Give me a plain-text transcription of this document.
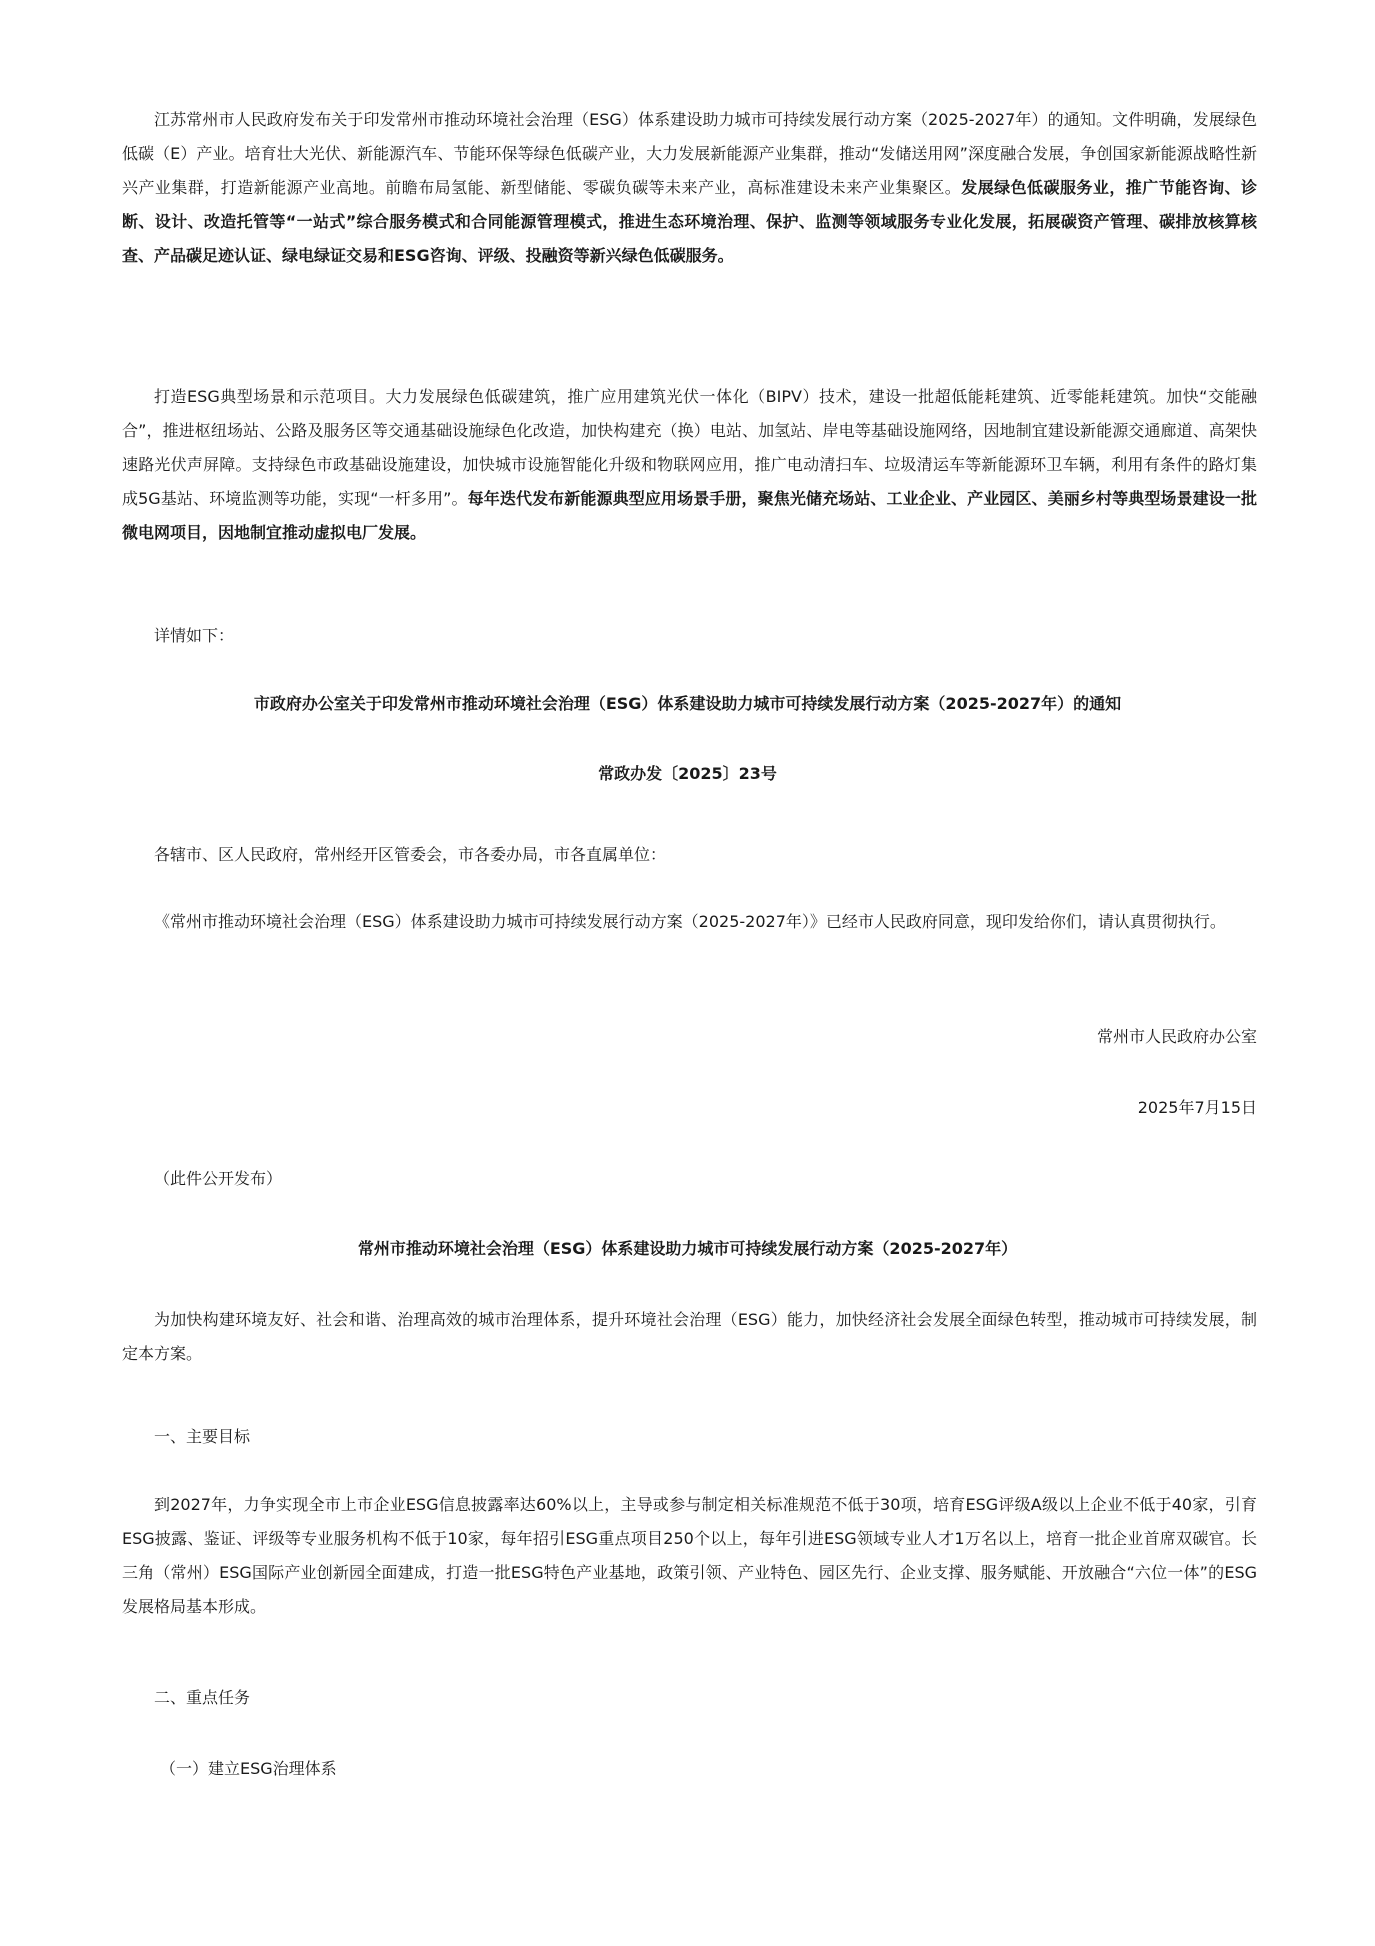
江苏常州市人民政府发布关于印发常州市推动环境社会治理（ESG）体系建设助力城市可持续发展行动方案（2025-2027年）的通知。文件明确，发展绿色低碳（E）产业。培育壮大光伏、新能源汽车、节能环保等绿色低碳产业，大力发展新能源产业集群，推动“发储送用网”深度融合发展，争创国家新能源战略性新兴产业集群，打造新能源产业高地。前瞻布局氢能、新型储能、零碳负碳等未来产业，高标准建设未来产业集聚区。发展绿色低碳服务业，推广节能咨询、诊断、设计、改造托管等“一站式”综合服务模式和合同能源管理模式，推进生态环境治理、保护、监测等领域服务专业化发展，拓展碳资产管理、碳排放核算核查、产品碳足迹认证、绿电绿证交易和ESG咨询、评级、投融资等新兴绿色低碳服务。

打造ESG典型场景和示范项目。大力发展绿色低碳建筑，推广应用建筑光伏一体化（BIPV）技术，建设一批超低能耗建筑、近零能耗建筑。加快“交能融合”，推进枢纽场站、公路及服务区等交通基础设施绿色化改造，加快构建充（换）电站、加氢站、岸电等基础设施网络，因地制宜建设新能源交通廊道、高架快速路光伏声屏障。支持绿色市政基础设施建设，加快城市设施智能化升级和物联网应用，推广电动清扫车、垃圾清运车等新能源环卫车辆，利用有条件的路灯集成5G基站、环境监测等功能，实现“一杆多用”。每年迭代发布新能源典型应用场景手册，聚焦光储充场站、工业企业、产业园区、美丽乡村等典型场景建设一批微电网项目，因地制宜推动虚拟电厂发展。

详情如下：

市政府办公室关于印发常州市推动环境社会治理（ESG）体系建设助力城市可持续发展行动方案（2025-2027年）的通知

常政办发〔2025〕23号

各辖市、区人民政府，常州经开区管委会，市各委办局，市各直属单位：

《常州市推动环境社会治理（ESG）体系建设助力城市可持续发展行动方案（2025-2027年）》已经市人民政府同意，现印发给你们，请认真贯彻执行。

常州市人民政府办公室

2025年7月15日

（此件公开发布）

常州市推动环境社会治理（ESG）体系建设助力城市可持续发展行动方案（2025-2027年）

为加快构建环境友好、社会和谐、治理高效的城市治理体系，提升环境社会治理（ESG）能力，加快经济社会发展全面绿色转型，推动城市可持续发展，制定本方案。

一、主要目标

到2027年，力争实现全市上市企业ESG信息披露率达60%以上，主导或参与制定相关标准规范不低于30项，培育ESG评级A级以上企业不低于40家，引育ESG披露、鉴证、评级等专业服务机构不低于10家，每年招引ESG重点项目250个以上，每年引进ESG领域专业人才1万名以上，培育一批企业首席双碳官。长三角（常州）ESG国际产业创新园全面建成，打造一批ESG特色产业基地，政策引领、产业特色、园区先行、企业支撑、服务赋能、开放融合“六位一体”的ESG发展格局基本形成。

二、重点任务

（一）建立ESG治理体系
